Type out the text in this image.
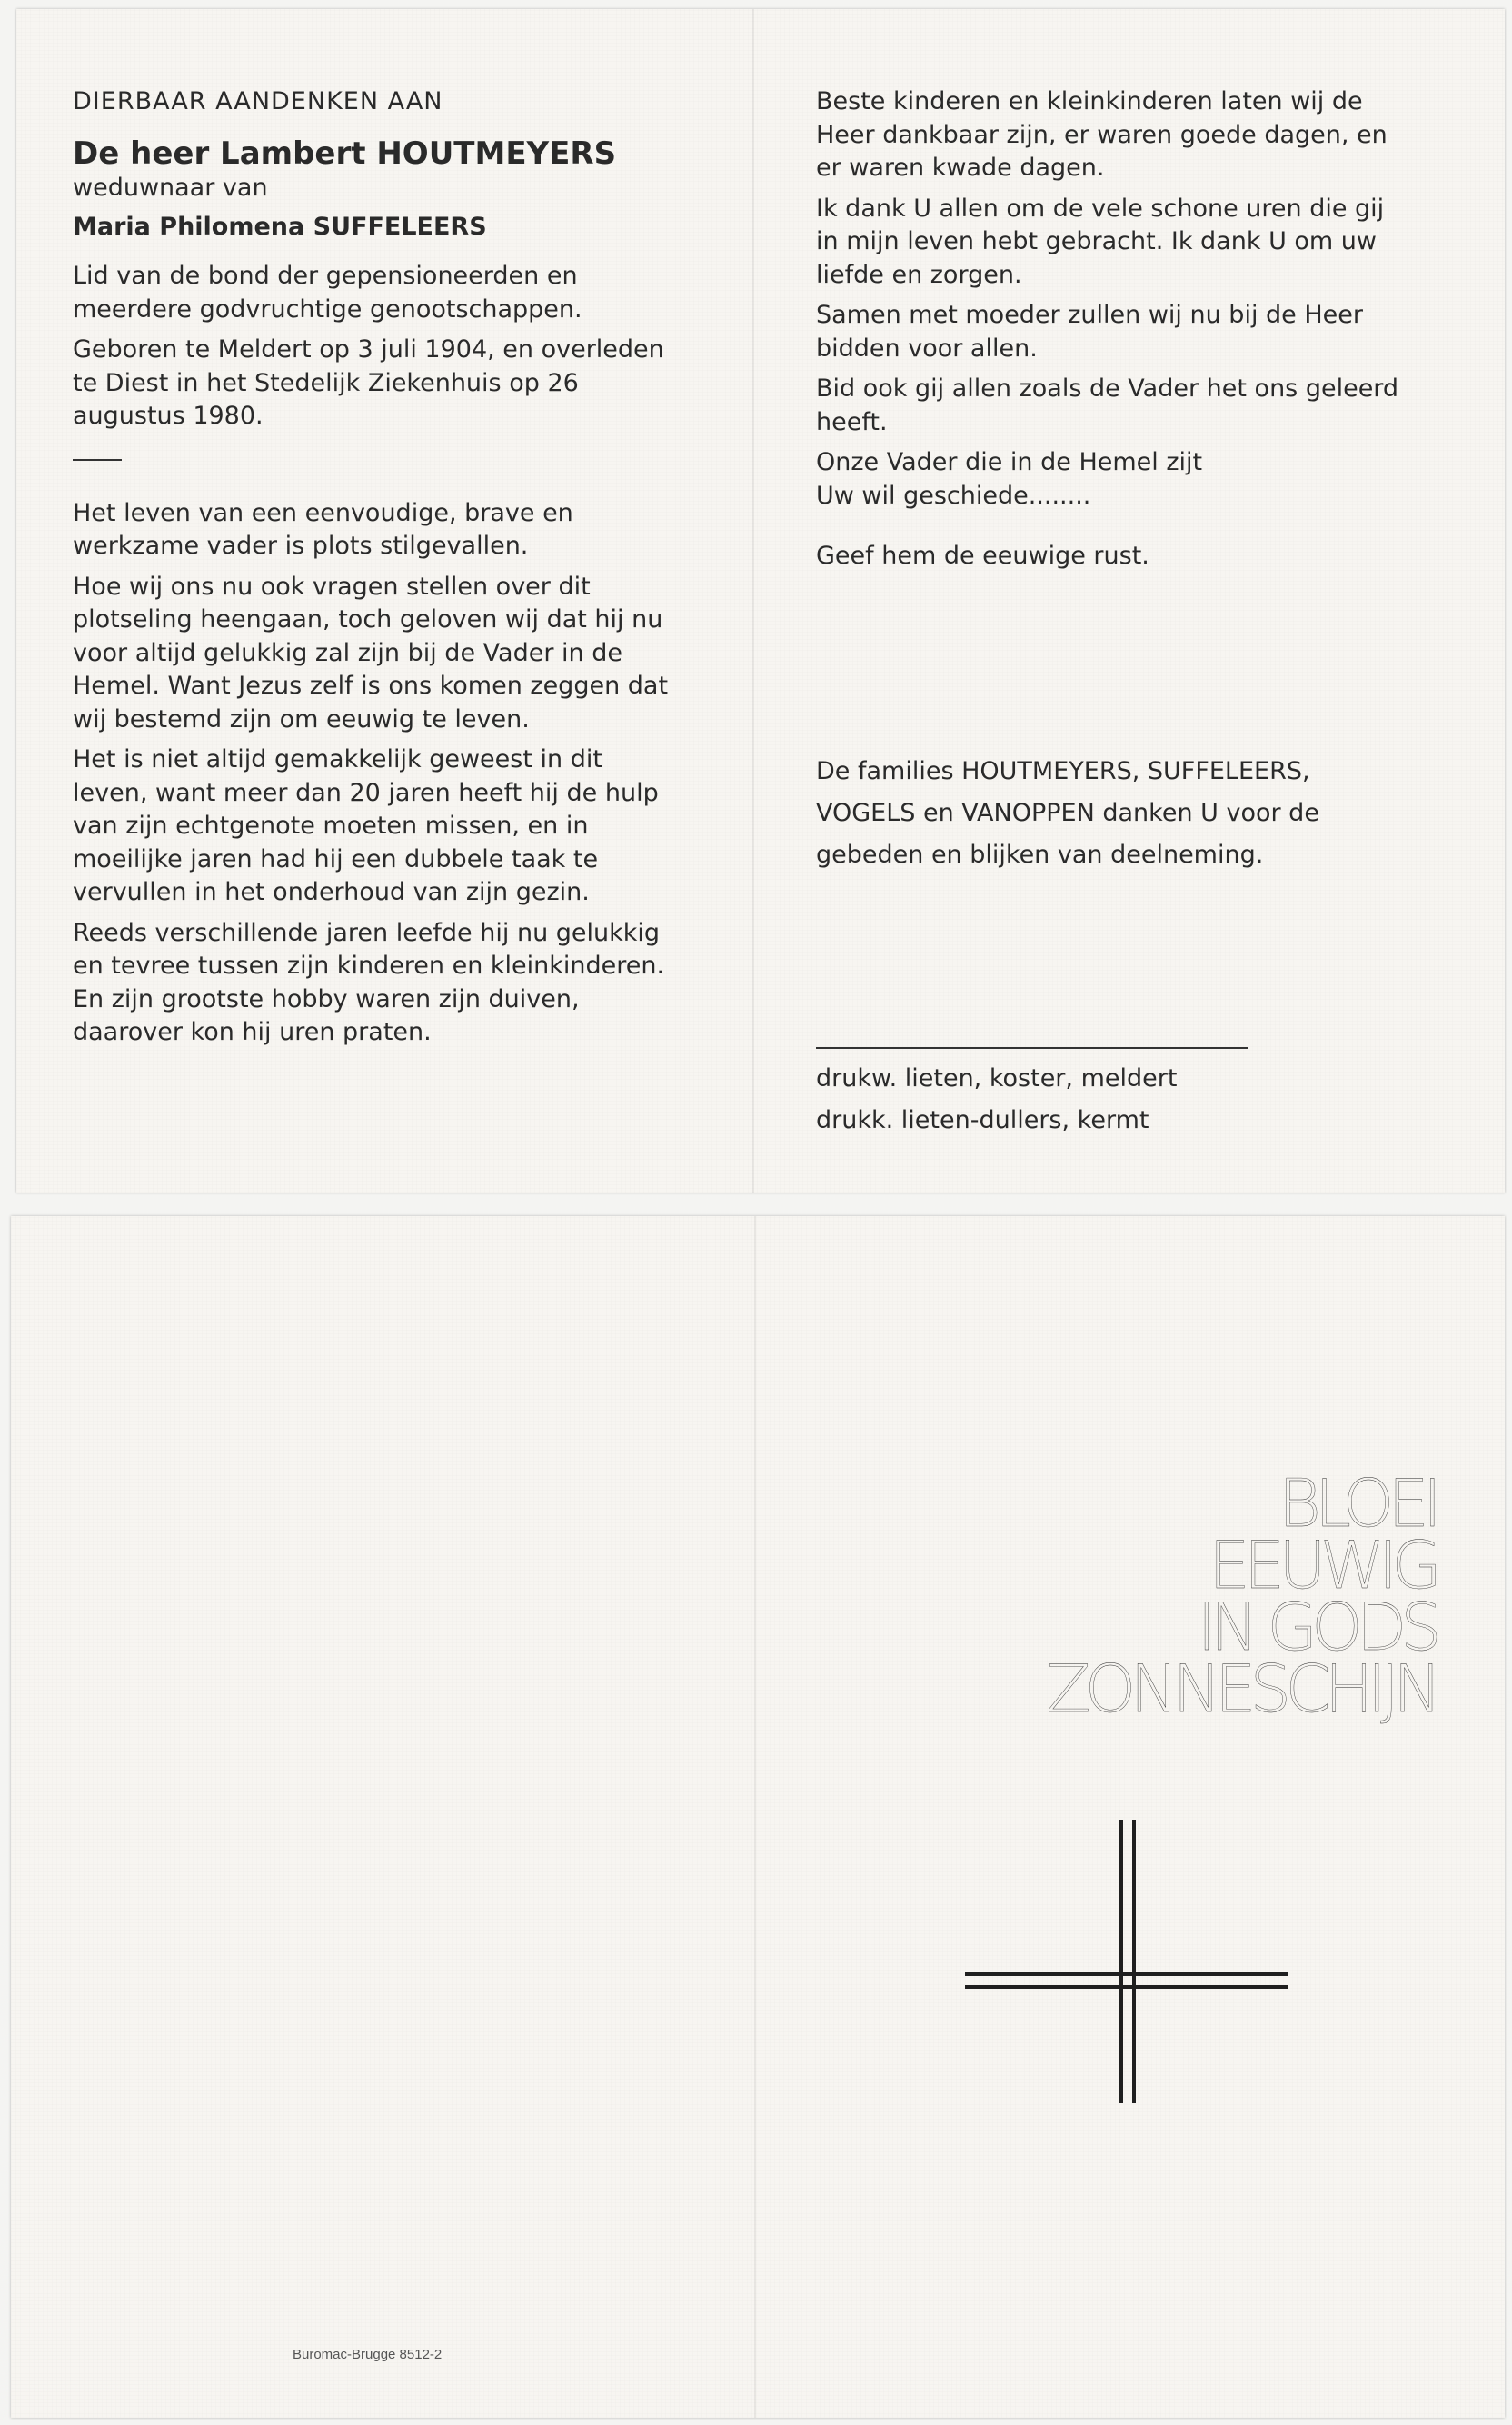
DIERBAAR AANDENKEN AAN

De heer Lambert HOUTMEYERS

weduwnaar van

Maria Philomena SUFFELEERS

Lid van de bond der gepensioneerden en meerdere godvruchtige genootschappen.

Geboren te Meldert op 3 juli 1904, en overleden te Diest in het Stedelijk Ziekenhuis op 26 augustus 1980.

Het leven van een eenvoudige, brave en werkzame vader is plots stilgevallen.

Hoe wij ons nu ook vragen stellen over dit plotseling heengaan, toch geloven wij dat hij nu voor altijd gelukkig zal zijn bij de Vader in de Hemel. Want Jezus zelf is ons komen zeggen dat wij bestemd zijn om eeuwig te leven.

Het is niet altijd gemakkelijk geweest in dit leven, want meer dan 20 jaren heeft hij de hulp van zijn echtgenote moeten missen, en in moeilijke jaren had hij een dubbele taak te vervullen in het onderhoud van zijn gezin.

Reeds verschillende jaren leefde hij nu gelukkig en tevree tussen zijn kinderen en kleinkinderen. En zijn grootste hobby waren zijn duiven, daarover kon hij uren praten.

Beste kinderen en kleinkinderen laten wij de Heer dankbaar zijn, er waren goede dagen, en er waren kwade dagen.

Ik dank U allen om de vele schone uren die gij in mijn leven hebt gebracht. Ik dank U om uw liefde en zorgen.

Samen met moeder zullen wij nu bij de Heer bidden voor allen.

Bid ook gij allen zoals de Vader het ons geleerd heeft.

Onze Vader die in de Hemel zijt

Uw wil geschiede........

Geef hem de eeuwige rust.

De families HOUTMEYERS, SUFFELEERS, VOGELS en VANOPPEN danken U voor de gebeden en blijken van deelneming.
drukw. lieten, koster, meldert
drukk. lieten-dullers, kermt
BLOEI
EEUWIG
IN GODS
ZONNESCHIJN
Buromac-Brugge 8512-2
